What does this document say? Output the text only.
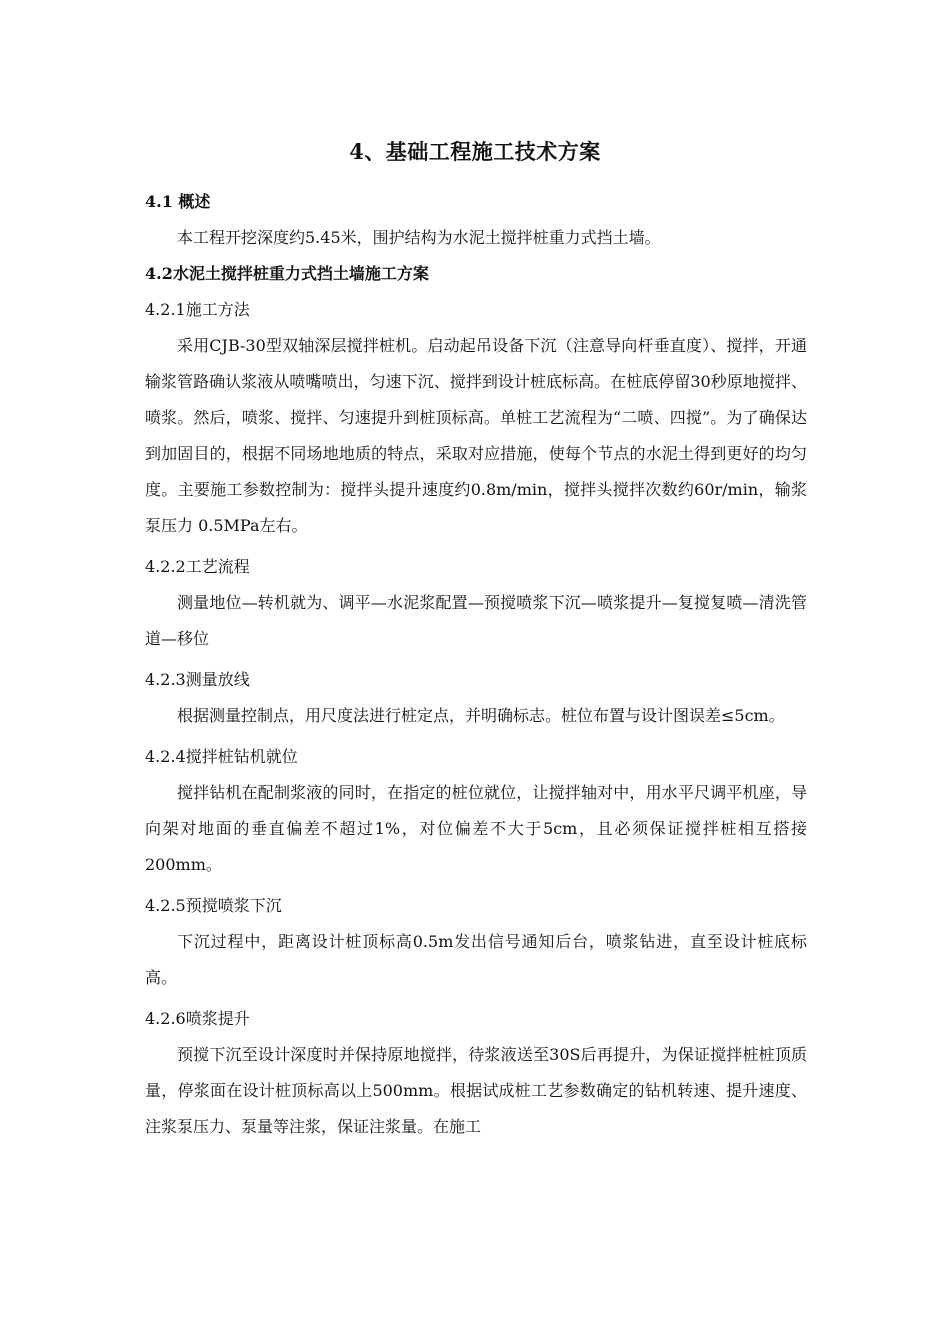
4、基础工程施工技术方案
4.1 概述
本工程开挖深度约5.45米，围护结构为水泥土搅拌桩重力式挡土墙。
4.2水泥土搅拌桩重力式挡土墙施工方案
4.2.1施工方法
采用CJB-30型双轴深层搅拌桩机。启动起吊设备下沉（注意导向杆垂直度）、搅拌，开通输浆管路确认浆液从喷嘴喷出，匀速下沉、搅拌到设计桩底标高。在桩底停留30秒原地搅拌、喷浆。然后，喷浆、搅拌、匀速提升到桩顶标高。单桩工艺流程为“二喷、四搅”。为了确保达到加固目的，根据不同场地地质的特点，采取对应措施，使每个节点的水泥土得到更好的均匀度。主要施工参数控制为：搅拌头提升速度约0.8m/min，搅拌头搅拌次数约60r/min，输浆泵压力 0.5MPa左右。
4.2.2工艺流程
测量地位—转机就为、调平—水泥浆配置—预搅喷浆下沉—喷浆提升—复搅复喷—清洗管道—移位
4.2.3测量放线
根据测量控制点，用尺度法进行桩定点，并明确标志。桩位布置与设计图误差≤5cm。
4.2.4搅拌桩钻机就位
搅拌钻机在配制浆液的同时，在指定的桩位就位，让搅拌轴对中，用水平尺调平机座，导向架对地面的垂直偏差不超过1%，对位偏差不大于5cm，且必须保证搅拌桩相互搭接200mm。
4.2.5预搅喷浆下沉
下沉过程中，距离设计桩顶标高0.5m发出信号通知后台，喷浆钻进，直至设计桩底标高。
4.2.6喷浆提升
预搅下沉至设计深度时并保持原地搅拌，待浆液送至30S后再提升，为保证搅拌桩桩顶质量，停浆面在设计桩顶标高以上500mm。根据试成桩工艺参数确定的钻机转速、提升速度、注浆泵压力、泵量等注浆，保证注浆量。在施工
